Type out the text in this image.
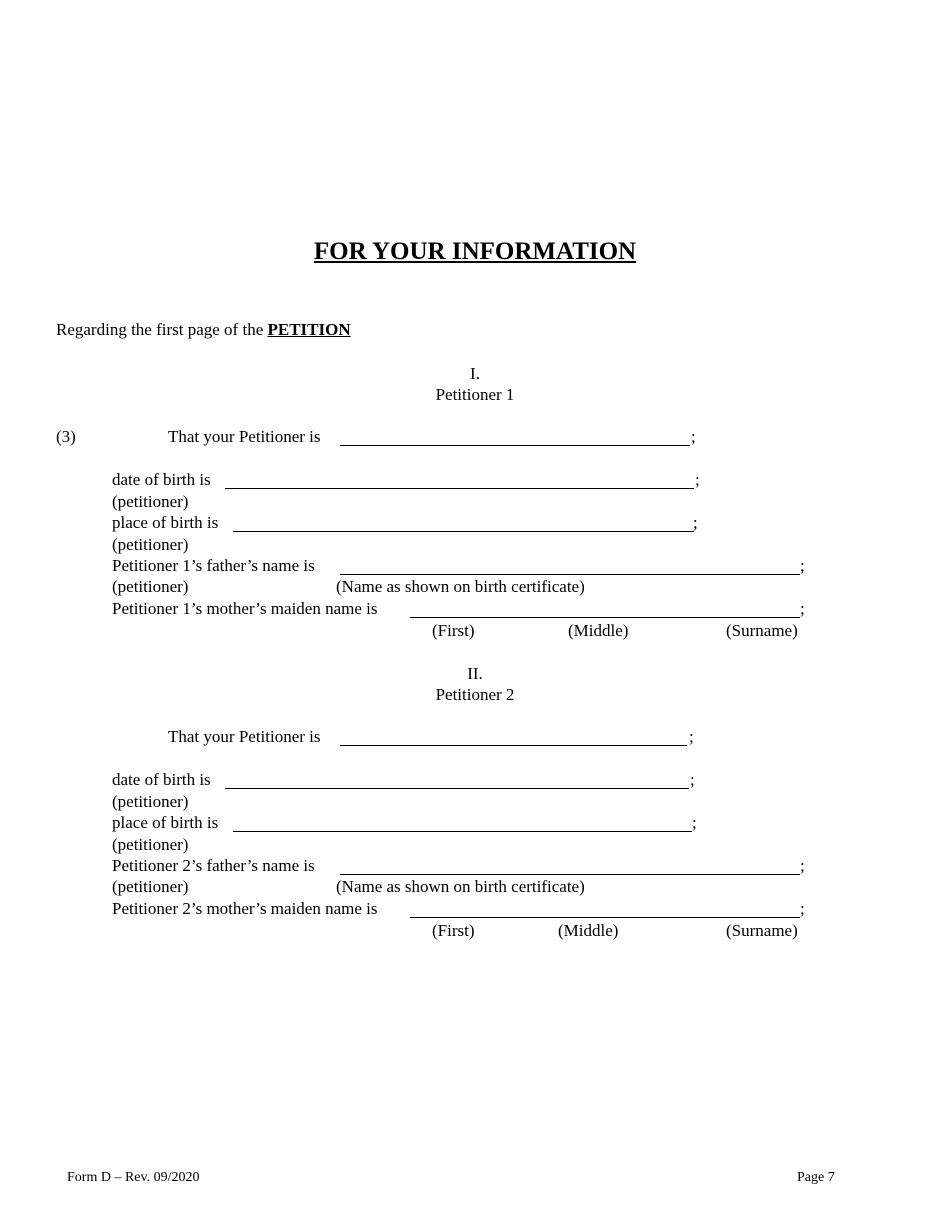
FOR YOUR INFORMATION
Regarding the first page of the PETITION
I.
Petitioner 1
(3)	That your Petitioner is	;
date of birth is	;
(petitioner)
place of birth is	;
(petitioner)
Petitioner 1’s father’s name is	;
(petitioner)	(Name as shown on birth certificate)
Petitioner 1’s mother’s maiden name is	;
(First)	(Middle)	(Surname)
II.
Petitioner 2
That your Petitioner is	;
date of birth is	;
(petitioner)
place of birth is	;
(petitioner)
Petitioner 2’s father’s name is	;
(petitioner)	(Name as shown on birth certificate)
Petitioner 2’s mother’s maiden name is	;
(First)	(Middle)	(Surname)
Form D – Rev. 09/2020	Page 7
